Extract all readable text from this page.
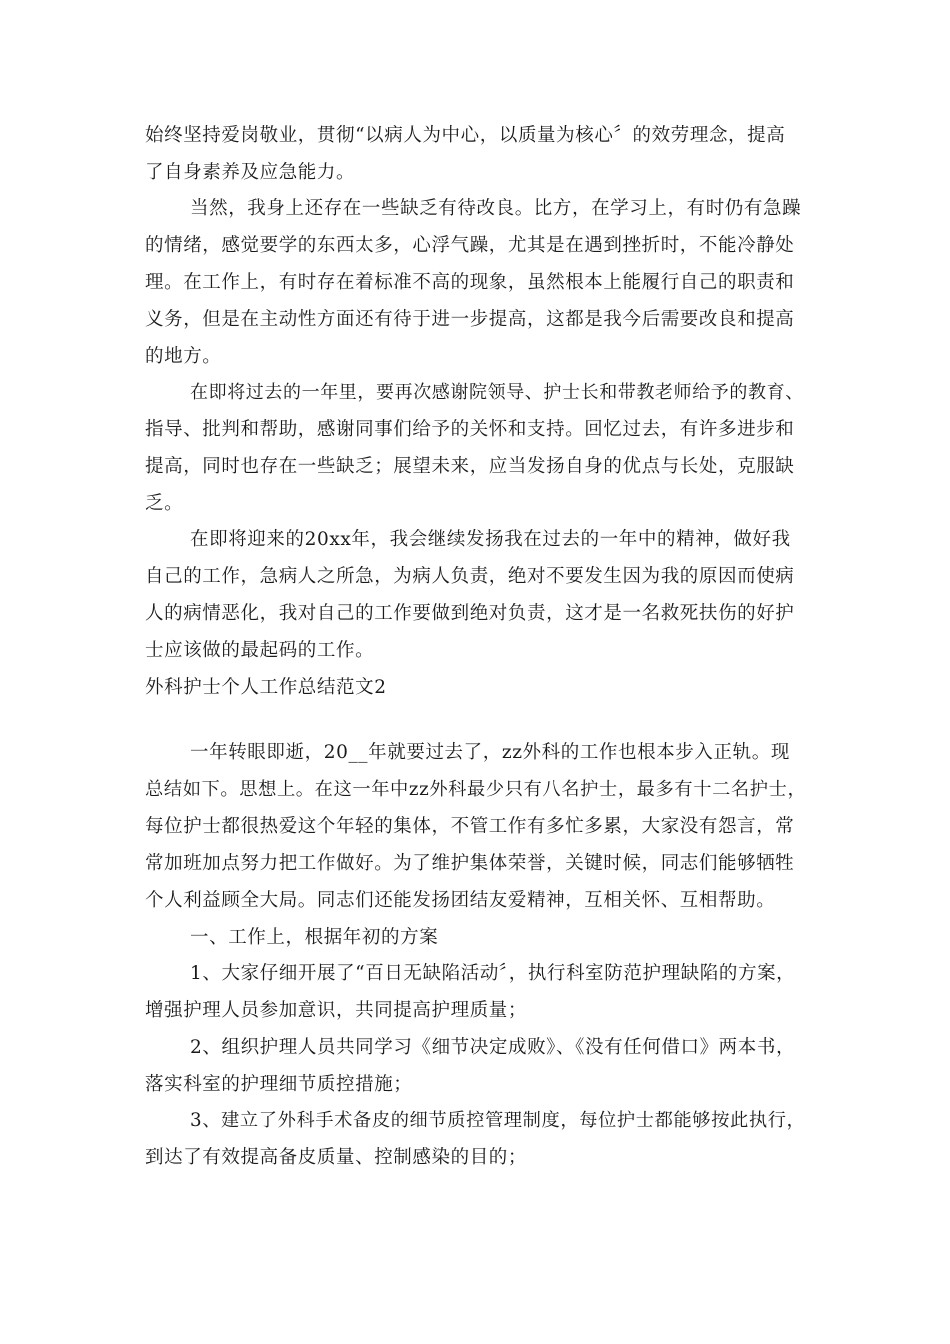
始终坚持爱岗敬业，贯彻“以病人为中心，以质量为核心〞的效劳理念，提高
了自身素养及应急能力。
当然，我身上还存在一些缺乏有待改良。比方，在学习上，有时仍有急躁
的情绪，感觉要学的东西太多，心浮气躁，尤其是在遇到挫折时，不能冷静处
理。在工作上，有时存在着标准不高的现象，虽然根本上能履行自己的职责和
义务，但是在主动性方面还有待于进一步提高，这都是我今后需要改良和提高
的地方。
在即将过去的一年里，要再次感谢院领导、护士长和带教老师给予的教育、
指导、批判和帮助，感谢同事们给予的关怀和支持。回忆过去，有许多进步和
提高，同时也存在一些缺乏；展望未来，应当发扬自身的优点与长处，克服缺
乏。
在即将迎来的20xx年，我会继续发扬我在过去的一年中的精神，做好我
自己的工作，急病人之所急，为病人负责，绝对不要发生因为我的原因而使病
人的病情恶化，我对自己的工作要做到绝对负责，这才是一名救死扶伤的好护
士应该做的最起码的工作。
外科护士个人工作总结范文2
一年转眼即逝，20__年就要过去了，zz外科的工作也根本步入正轨。现
总结如下。思想上。在这一年中zz外科最少只有八名护士，最多有十二名护士，
每位护士都很热爱这个年轻的集体，不管工作有多忙多累，大家没有怨言，常
常加班加点努力把工作做好。为了维护集体荣誉，关键时候，同志们能够牺牲
个人利益顾全大局。同志们还能发扬团结友爱精神，互相关怀、互相帮助。
一、工作上，根据年初的方案
1、大家仔细开展了“百日无缺陷活动〞，执行科室防范护理缺陷的方案，
增强护理人员参加意识，共同提高护理质量；
2、组织护理人员共同学习《细节决定成败》、《没有任何借口》两本书，
落实科室的护理细节质控措施；
3、建立了外科手术备皮的细节质控管理制度，每位护士都能够按此执行，
到达了有效提高备皮质量、控制感染的目的；
